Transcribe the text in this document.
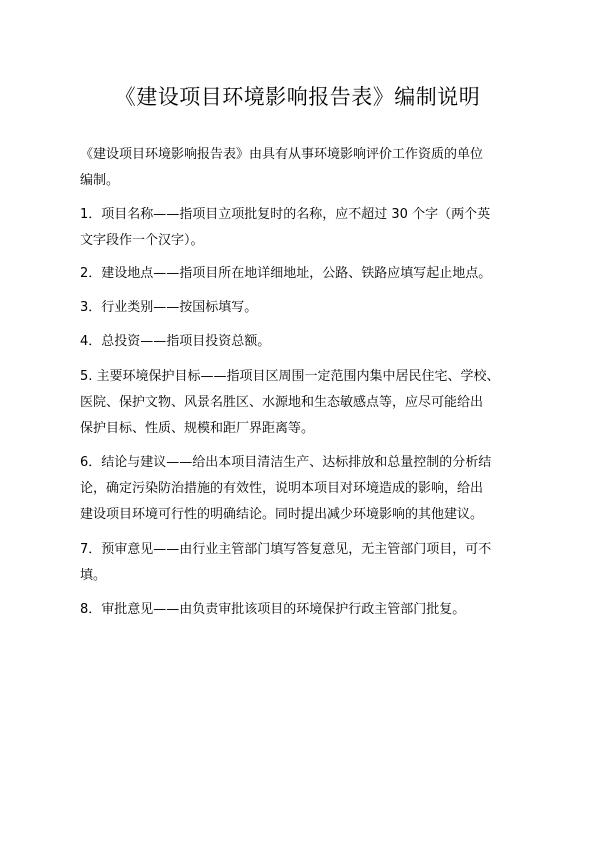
《建设项目环境影响报告表》编制说明

《建设项目环境影响报告表》由具有从事环境影响评价工作资质的单位
编制。

1．项目名称——指项目立项批复时的名称，应不超过 30 个字（两个英
文字段作一个汉字）。

2．建设地点——指项目所在地详细地址，公路、铁路应填写起止地点。

3．行业类别——按国标填写。

4．总投资——指项目投资总额。

5. 主要环境保护目标——指项目区周围一定范围内集中居民住宅、学校、
医院、保护文物、风景名胜区、水源地和生态敏感点等，应尽可能给出
保护目标、性质、规模和距厂界距离等。

6．结论与建议——给出本项目清洁生产、达标排放和总量控制的分析结
论，确定污染防治措施的有效性，说明本项目对环境造成的影响，给出
建设项目环境可行性的明确结论。同时提出减少环境影响的其他建议。

7．预审意见——由行业主管部门填写答复意见，无主管部门项目，可不
填。

8．审批意见——由负责审批该项目的环境保护行政主管部门批复。
